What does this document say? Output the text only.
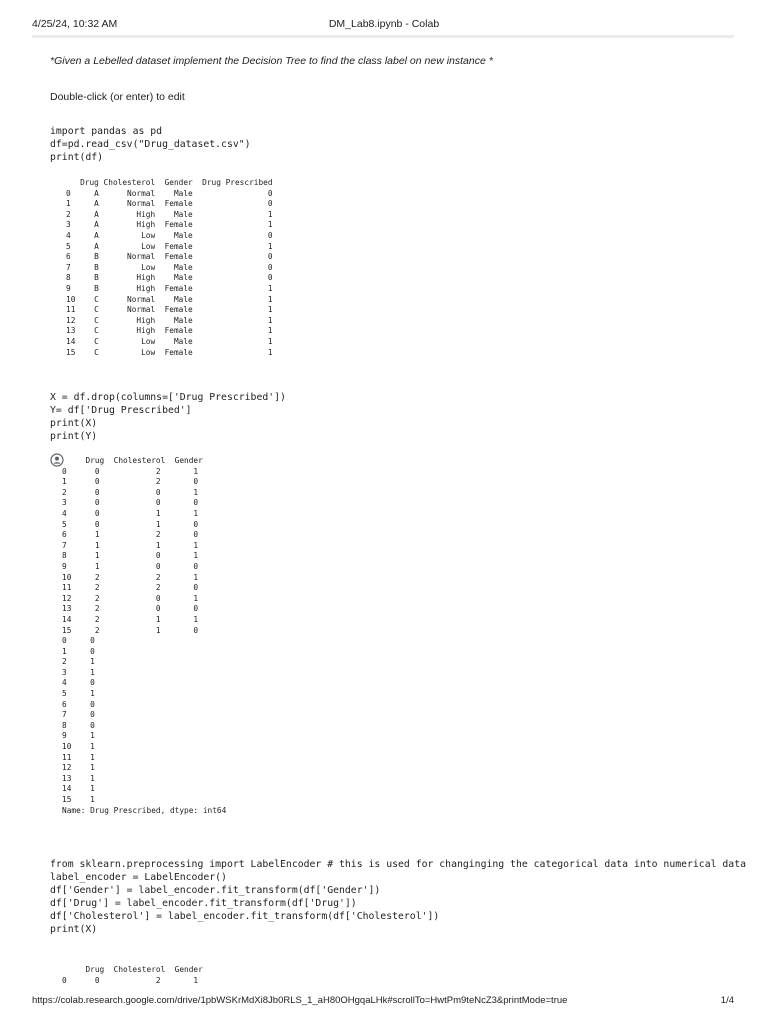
4/25/24, 10:32 AM	DM_Lab8.ipynb - Colab
*Given a Lebelled dataset implement the Decision Tree to find the class label on new instance *
Double-click (or enter) to edit
import pandas as pd
df=pd.read_csv("Drug_dataset.csv")
print(df)
Drug Cholesterol  Gender  Drug Prescribed
0     A      Normal    Male                0
1     A      Normal  Female                0
2     A        High    Male                1
3     A        High  Female                1
4     A         Low    Male                0
5     A         Low  Female                1
6     B      Normal  Female                0
7     B         Low    Male                0
8     B        High    Male                0
9     B        High  Female                1
10    C      Normal    Male                1
11    C      Normal  Female                1
12    C        High    Male                1
13    C        High  Female                1
14    C         Low    Male                1
15    C         Low  Female                1
X = df.drop(columns=['Drug Prescribed'])
Y= df['Drug Prescribed']
print(X)
print(Y)
Drug  Cholesterol  Gender
0      0            2       1
1      0            2       0
2      0            0       1
3      0            0       0
4      0            1       1
5      0            1       0
6      1            2       0
7      1            1       1
8      1            0       1
9      1            0       0
10     2            2       1
11     2            2       0
12     2            0       1
13     2            0       0
14     2            1       1
15     2            1       0
0     0
1     0
2     1
3     1
4     0
5     1
6     0
7     0
8     0
9     1
10    1
11    1
12    1
13    1
14    1
15    1
Name: Drug Prescribed, dtype: int64
from sklearn.preprocessing import LabelEncoder # this is used for changinging the categorical data into numerical data
label_encoder = LabelEncoder()
df['Gender'] = label_encoder.fit_transform(df['Gender'])
df['Drug'] = label_encoder.fit_transform(df['Drug'])
df['Cholesterol'] = label_encoder.fit_transform(df['Cholesterol'])
print(X)
Drug  Cholesterol  Gender
0      0            2       1
https://colab.research.google.com/drive/1pbWSKrMdXi8Jb0RLS_1_aH80OHgqaLHk#scrollTo=HwtPm9teNcZ3&printMode=true	1/4
